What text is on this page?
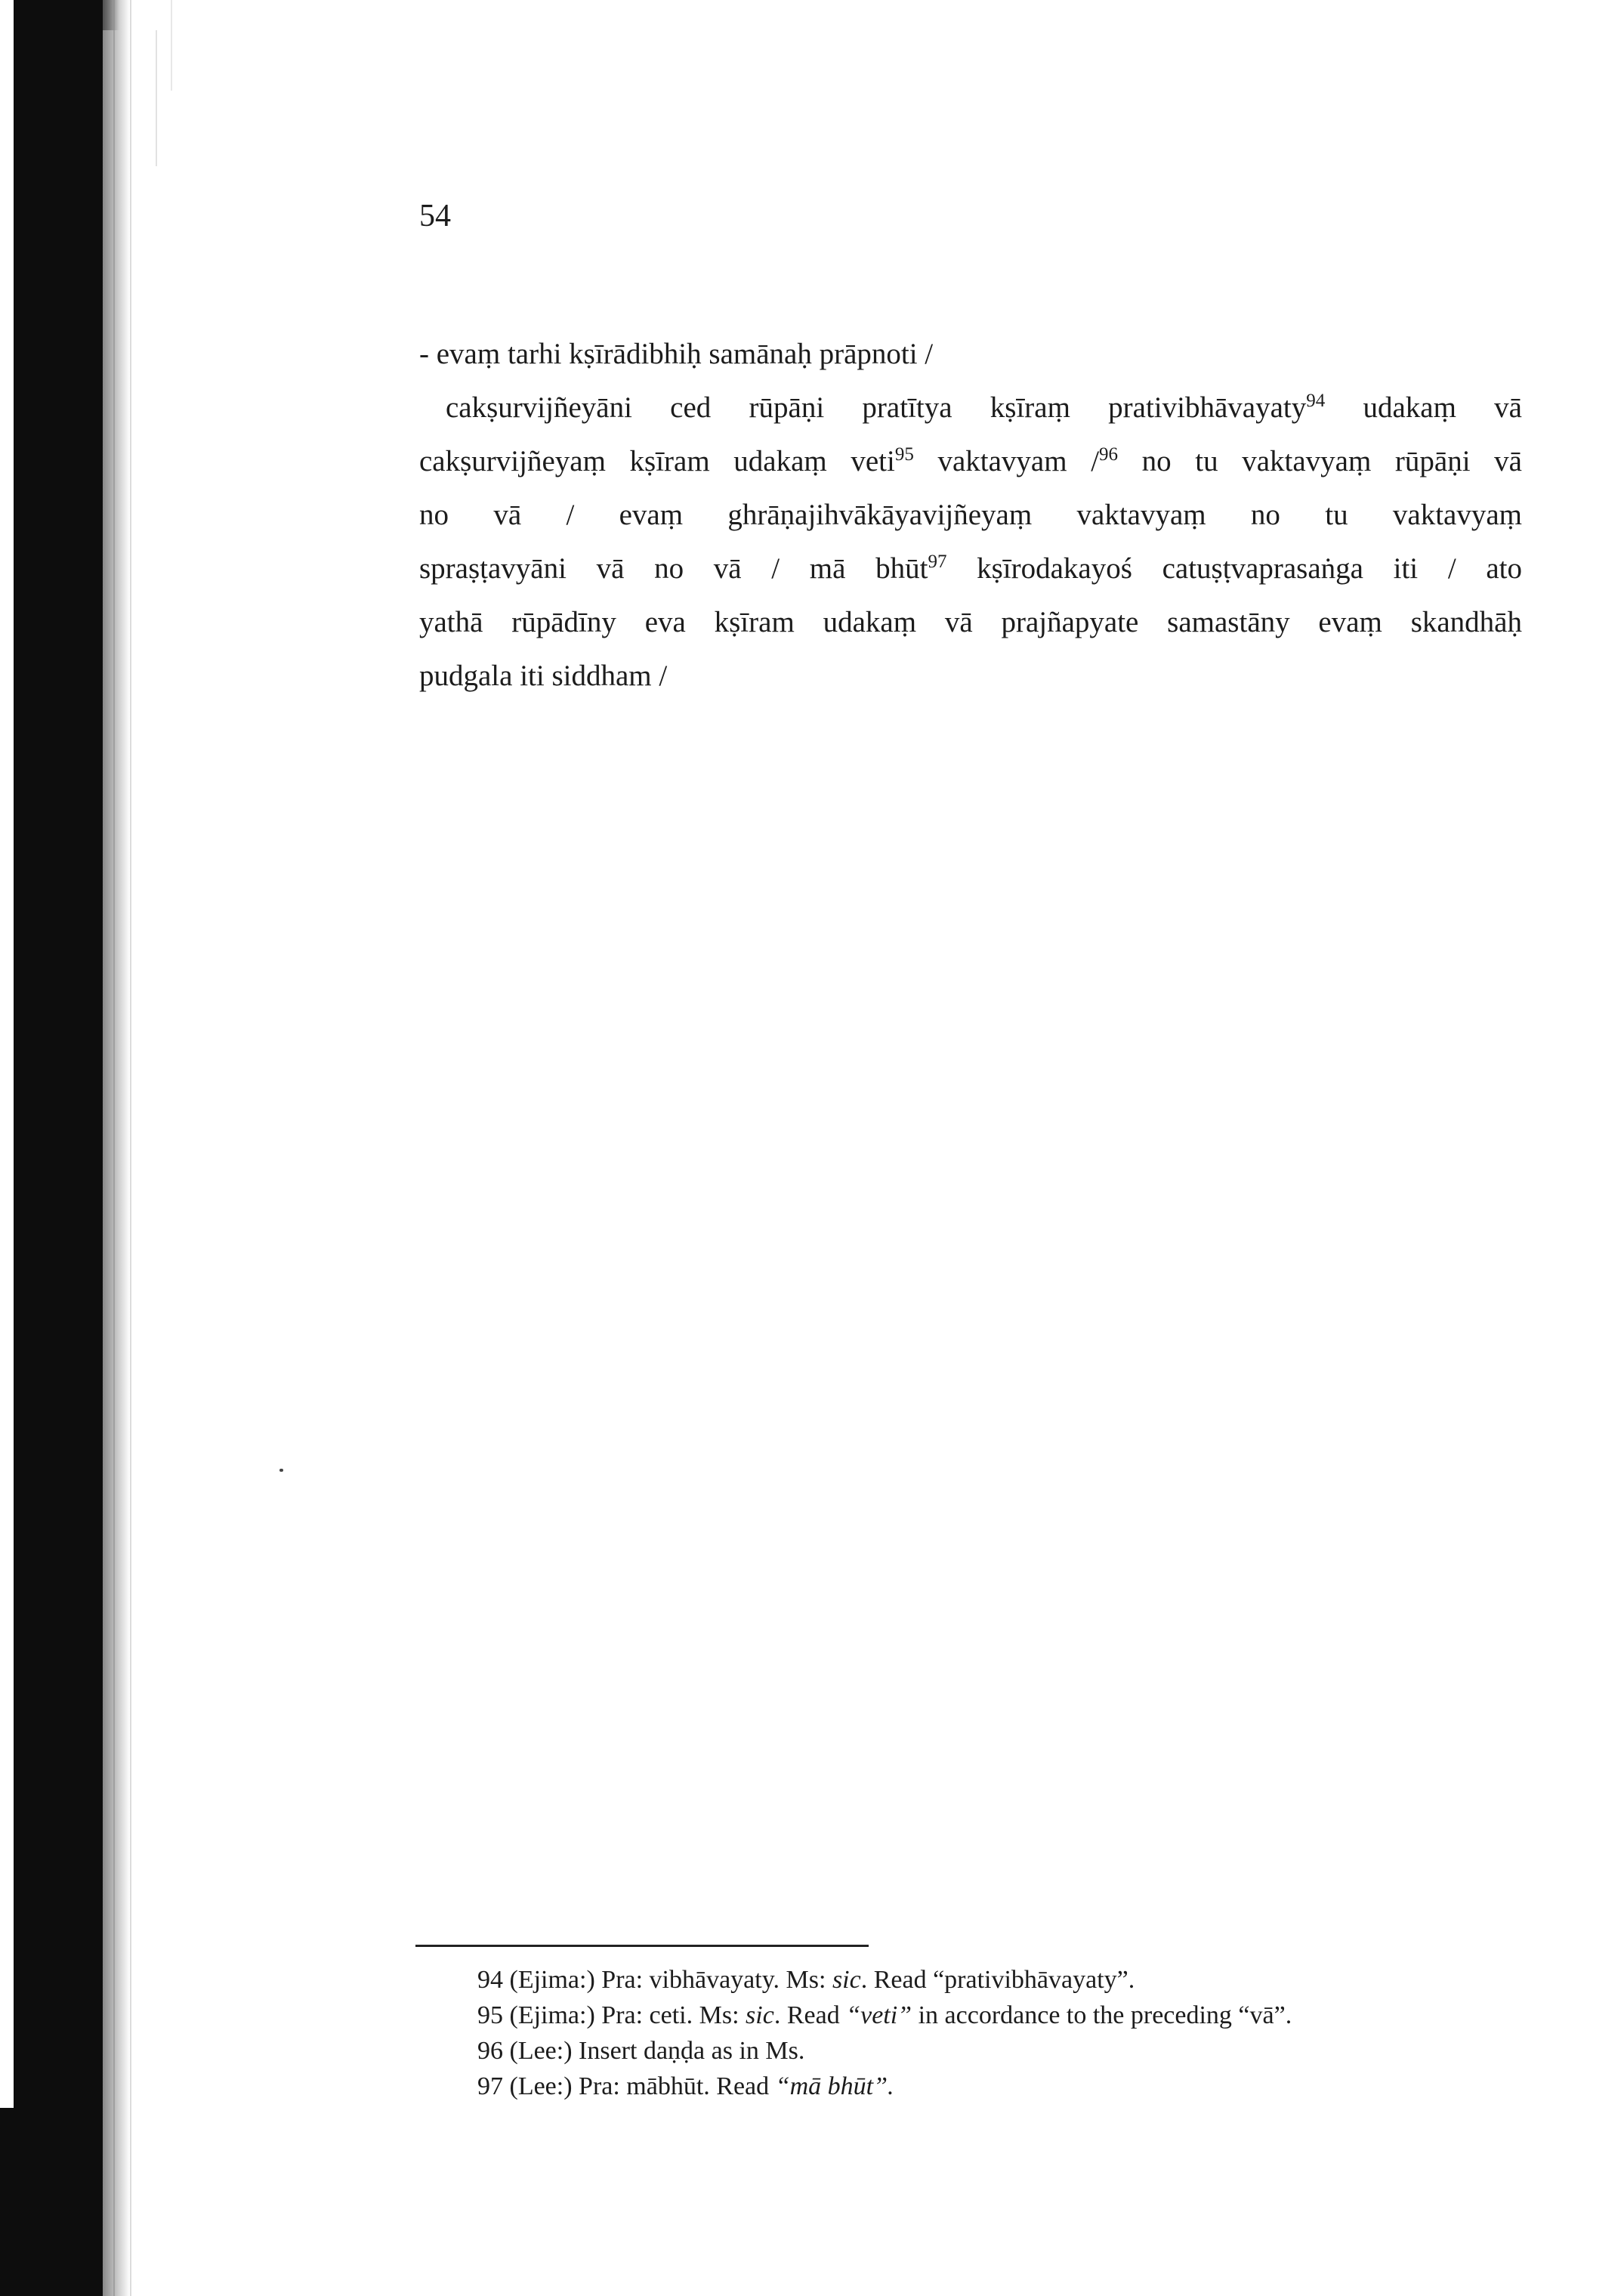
54
- evaṃ tarhi kṣīrādibhiḥ samānaḥ prāpnoti /
cakṣurvijñeyāni ced rūpāṇi pratītya kṣīraṃ prativibhāvayaty$^{94}$ udakaṃ vā
cakṣurvijñeyaṃ kṣīram udakaṃ veti$^{95}$ vaktavyam /$^{96}$ no tu vaktavyaṃ rūpāṇi vā
no vā / evaṃ ghrāṇajihvākāyavijñeyaṃ vaktavyaṃ no tu vaktavyaṃ
spraṣṭavyāni vā no vā / mā bhūt$^{97}$ kṣīrodakayoś catuṣṭvaprasaṅga iti / ato
yathā rūpādīny eva kṣīram udakaṃ vā prajñapyate samastāny evaṃ skandhāḥ
pudgala iti siddham /
94 (Ejima:) Pra: vibhāvayaty. Ms: sic. Read “prativibhāvayaty”.
95 (Ejima:) Pra: ceti. Ms: sic. Read “veti” in accordance to the preceding “vā”.
96 (Lee:) Insert daṇḍa as in Ms.
97 (Lee:) Pra: mābhūt. Read “mā bhūt”.
